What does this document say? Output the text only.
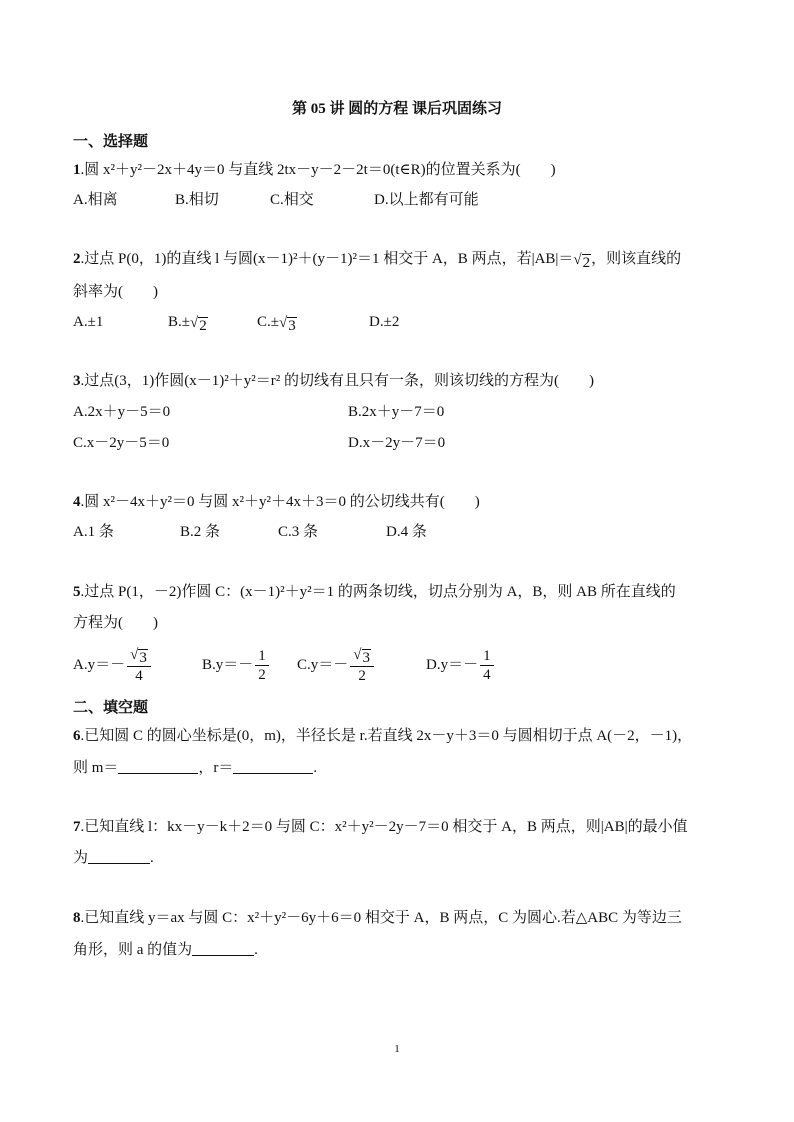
第 05 讲 圆的方程 课后巩固练习
一、选择题
1.圆 x²＋y²－2x＋4y＝0 与直线 2tx－y－2－2t＝0(t∈R)的位置关系为(　　)
A.相离	B.相切	C.相交	D.以上都有可能
2.过点 P(0，1)的直线 l 与圆(x－1)²＋(y－1)²＝1 相交于 A，B 两点，若|AB|＝ √ 2 ，则该直线的
斜率为(　　)
A.±1	B.± √ 2	C.± √ 3	D.±2
3.过点(3，1)作圆(x－1)²＋y²＝r² 的切线有且只有一条，则该切线的方程为(　　)
A.2x＋y－5＝0	B.2x＋y－7＝0
C.x－2y－5＝0	D.x－2y－7＝0
4.圆 x²－4x＋y²＝0 与圆 x²＋y²＋4x＋3＝0 的公切线共有(　　)
A.1 条	B.2 条	C.3 条	D.4 条
5.过点 P(1，－2)作圆 C：(x－1)²＋y²＝1 的两条切线，切点分别为 A，B，则 AB 所在直线的
方程为(　　)
$A.y=- \frac{√ 3}{4}$	$B.y=- \frac{1}{2} C.y=- \frac{√ 3}{2}$	$D.y=- \frac{1}{4}$
二、填空题
6.已知圆 C 的圆心坐标是(0，m)，半径长是 r.若直线 2x－y＋3＝0 与圆相切于点 A(－2，－1)，
则 m＝	，r＝	.
7.已知直线 l：kx－y－k＋2＝0 与圆 C：x²＋y²－2y－7＝0 相交于 A，B 两点，则|AB|的最小值
为	.
8.已知直线 y＝ax 与圆 C：x²＋y²－6y＋6＝0 相交于 A，B 两点，C 为圆心.若△ABC 为等边三
角形，则 a 的值为	.
1
